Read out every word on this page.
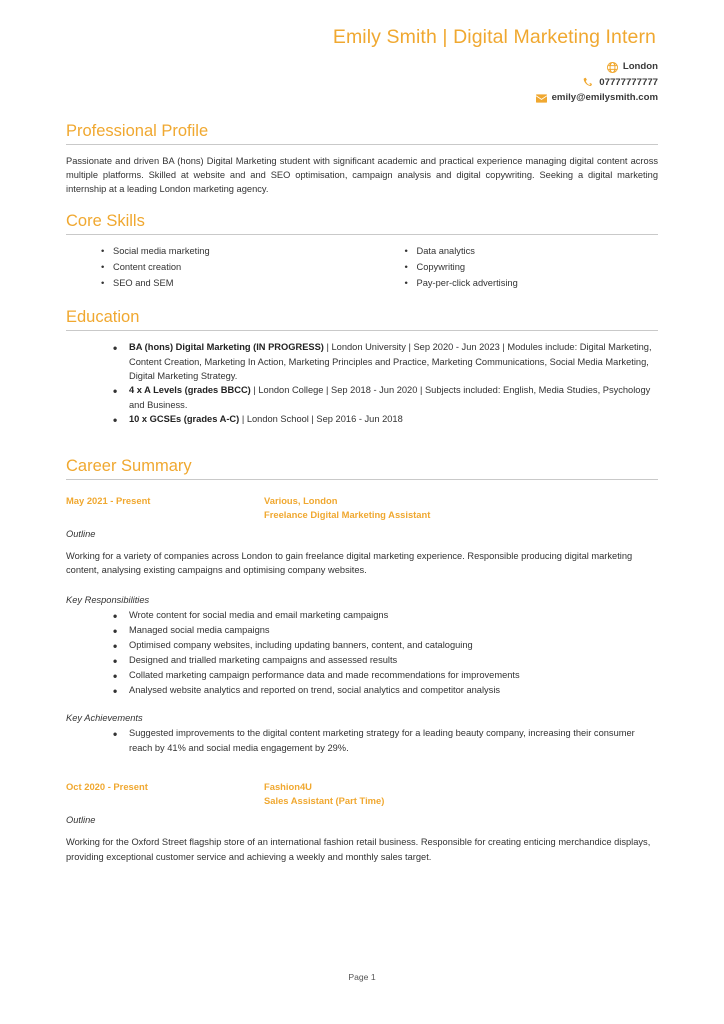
Emily Smith | Digital Marketing Intern
London
07777777777
emily@emilysmith.com
Professional Profile

Passionate and driven BA (hons) Digital Marketing student with significant academic and practical experience managing digital content across multiple platforms. Skilled at website and and SEO optimisation, campaign analysis and digital copywriting. Seeking a digital marketing internship at a leading London marketing agency.

Core Skills
• Social media marketing
• Content creation
• SEO and SEM
• Data analytics
• Copywriting
• Pay-per-click advertising
Education
• BA (hons) Digital Marketing (IN PROGRESS) | London University | Sep 2020 - Jun 2023 | Modules include: Digital Marketing, Content Creation, Marketing In Action, Marketing Principles and Practice, Marketing Communications, Social Media Marketing, Digital Marketing Strategy.
• 4 x A Levels (grades BBCC) | London College | Sep 2018 - Jun 2020 | Subjects included: English, Media Studies, Psychology and Business.
• 10 x GCSEs (grades A-C) | London School | Sep 2016 - Jun 2018
Career Summary
May 2021 - Present	Various, London
Freelance Digital Marketing Assistant
Outline
Working for a variety of companies across London to gain freelance digital marketing experience. Responsible producing digital marketing content, analysing existing campaigns and optimising company websites.
Key Responsibilities
• Wrote content for social media and email marketing campaigns
• Managed social media campaigns
• Optimised company websites, including updating banners, content, and cataloguing
• Designed and trialled marketing campaigns and assessed results
• Collated marketing campaign performance data and made recommendations for improvements
• Analysed website analytics and reported on trend, social analytics and competitor analysis
Key Achievements
• Suggested improvements to the digital content marketing strategy for a leading beauty company, increasing their consumer reach by 41% and social media engagement by 29%.
Oct 2020 - Present	Fashion4U
Sales Assistant (Part Time)
Outline
Working for the Oxford Street flagship store of an international fashion retail business. Responsible for creating enticing merchandice displays, providing exceptional customer service and achieving a weekly and monthly sales target.
Page 1
